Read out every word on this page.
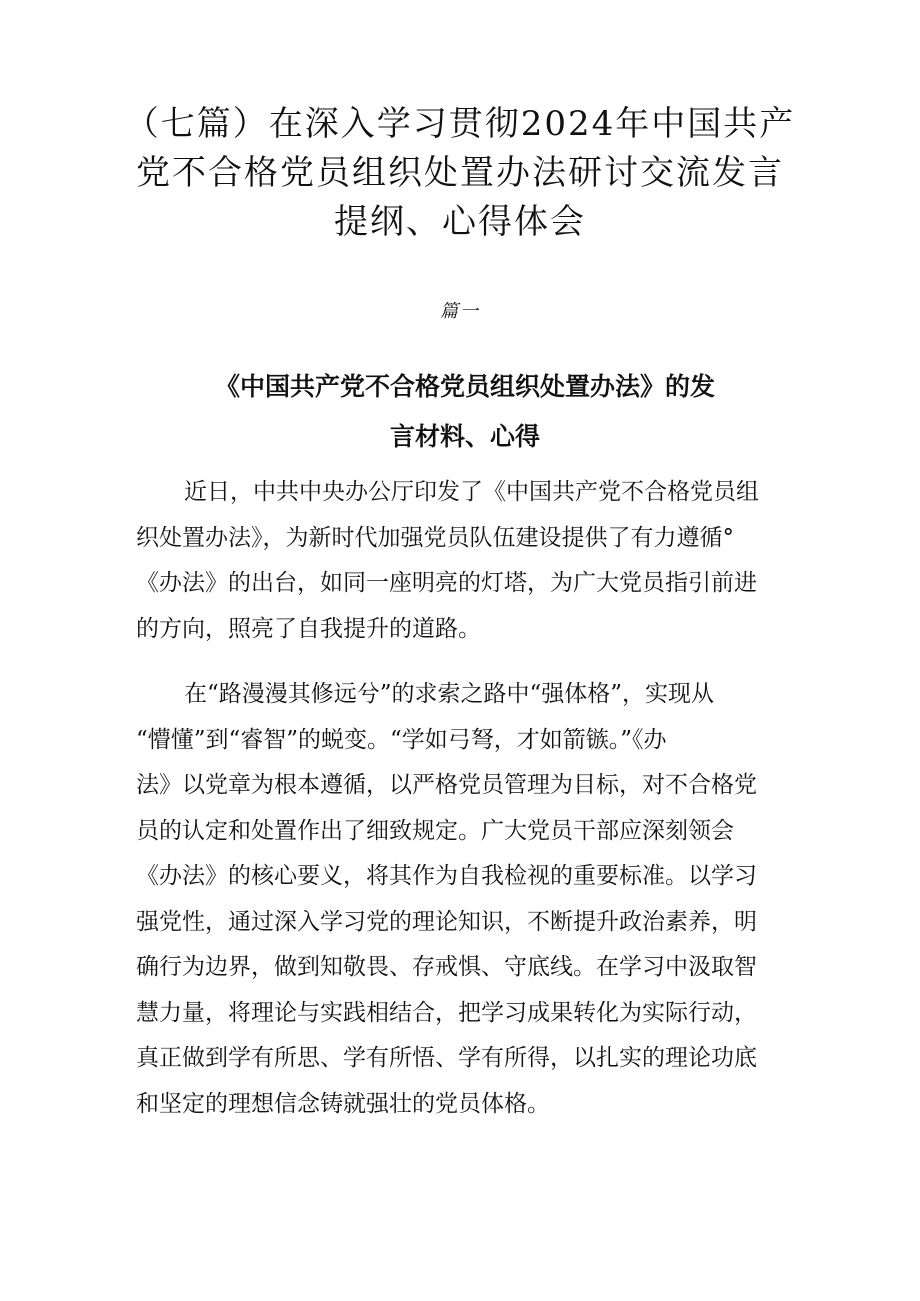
（七篇）在深入学习贯彻2024年中国共产
党不合格党员组织处置办法研讨交流发言
提纲、心得体会

篇一

《中国共产党不合格党员组织处置办法》的发
言材料、心得
近日，中共中央办公厅印发了《中国共产党不合格党员组
织处置办法》，为新时代加强党员队伍建设提供了有力遵循°
《办法》的出台，如同一座明亮的灯塔，为广大党员指引前进
的方向，照亮了自我提升的道路。
在“路漫漫其修远兮”的求索之路中“强体格”，实现从
“懵懂”到“睿智”的蜕变。“学如弓弩，才如箭镞。”《办
法》以党章为根本遵循，以严格党员管理为目标，对不合格党
员的认定和处置作出了细致规定。广大党员干部应深刻领会
《办法》的核心要义，将其作为自我检视的重要标准。以学习
强党性，通过深入学习党的理论知识，不断提升政治素养，明
确行为边界，做到知敬畏、存戒惧、守底线。在学习中汲取智
慧力量，将理论与实践相结合，把学习成果转化为实际行动，
真正做到学有所思、学有所悟、学有所得，以扎实的理论功底
和坚定的理想信念铸就强壮的党员体格。
